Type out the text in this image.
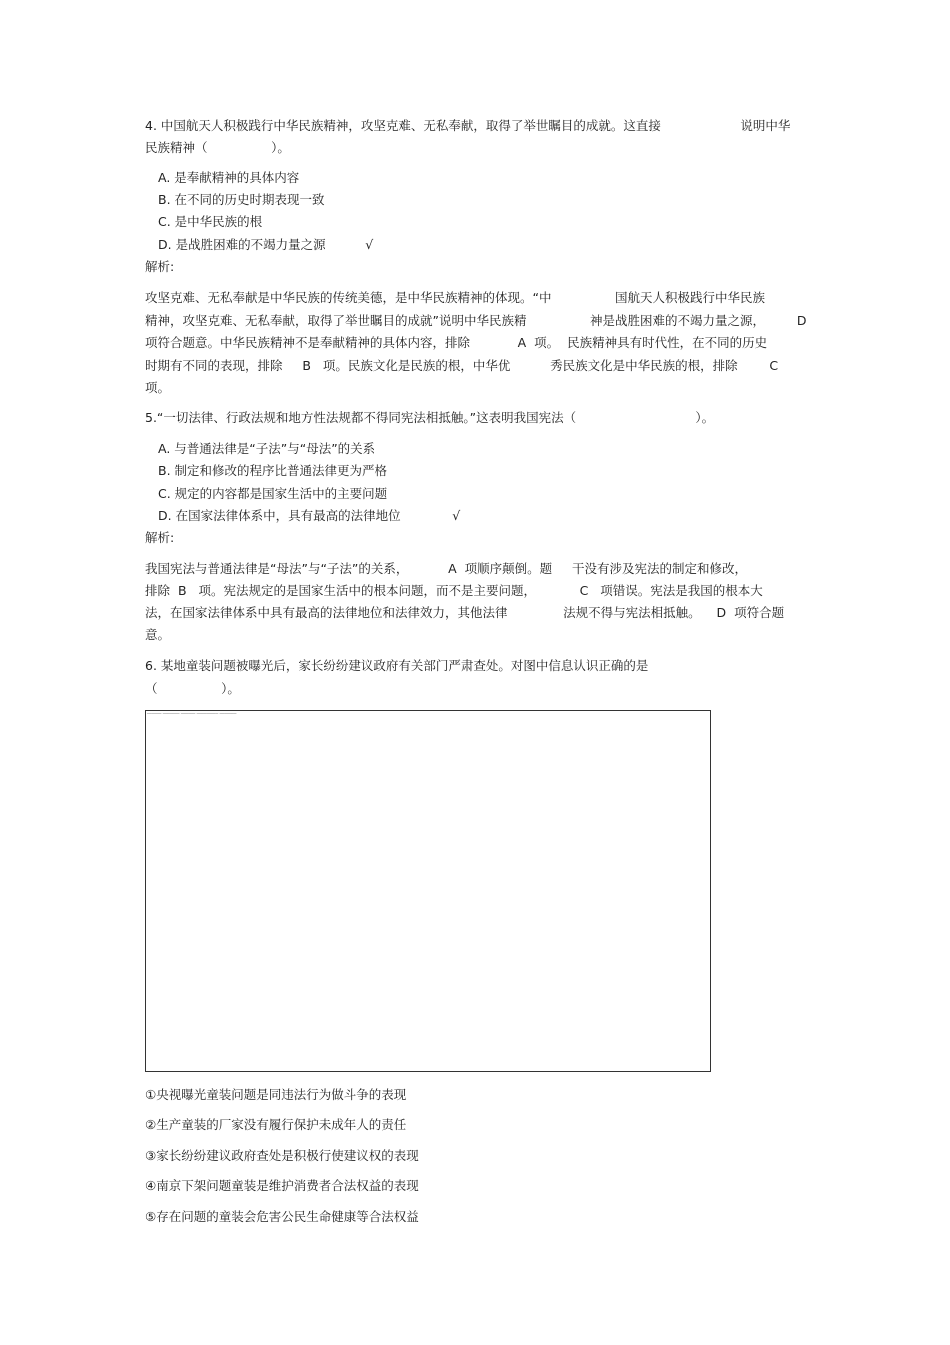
4. 中国航天人积极践行中华民族精神，攻坚克难、无私奉献，取得了举世瞩目的成就。这直接                    说明中华
民族精神（                ）。
A. 是奉献精神的具体内容
B. 在不同的历史时期表现一致
C. 是中华民族的根
D. 是战胜困难的不竭力量之源          √
解析:
攻坚克难、无私奉献是中华民族的传统美德，是中华民族精神的体现。“中                国航天人积极践行中华民族
精神，攻坚克难、无私奉献，取得了举世瞩目的成就”说明中华民族精                神是战胜困难的不竭力量之源，        D
项符合题意。中华民族精神不是奉献精神的具体内容，排除            A  项。  民族精神具有时代性，在不同的历史
时期有不同的表现，排除     B   项。民族文化是民族的根，中华优          秀民族文化是中华民族的根，排除        C
项。
5.“一切法律、行政法规和地方性法规都不得同宪法相抵触。”这表明我国宪法（                              ）。
A. 与普通法律是“子法”与“母法”的关系
B. 制定和修改的程序比普通法律更为严格
C. 规定的内容都是国家生活中的主要问题
D. 在国家法律体系中，具有最高的法律地位             √
解析:
我国宪法与普通法律是“母法”与“子法”的关系，          A  项顺序颠倒。题     干没有涉及宪法的制定和修改，
排除  B   项。宪法规定的是国家生活中的根本问题，而不是主要问题，           C   项错误。宪法是我国的根本大
法，在国家法律体系中具有最高的法律地位和法律效力，其他法律              法规不得与宪法相抵触。    D  项符合题
意。
6. 某地童装问题被曝光后，家长纷纷建议政府有关部门严肃查处。对图中信息认识正确的是
（                ）。
────── ─────── ────── ───────── ───────
①央视曝光童装问题是同违法行为做斗争的表现
②生产童装的厂家没有履行保护未成年人的责任
③家长纷纷建议政府查处是积极行使建议权的表现
④南京下架问题童装是维护消费者合法权益的表现
⑤存在问题的童装会危害公民生命健康等合法权益
